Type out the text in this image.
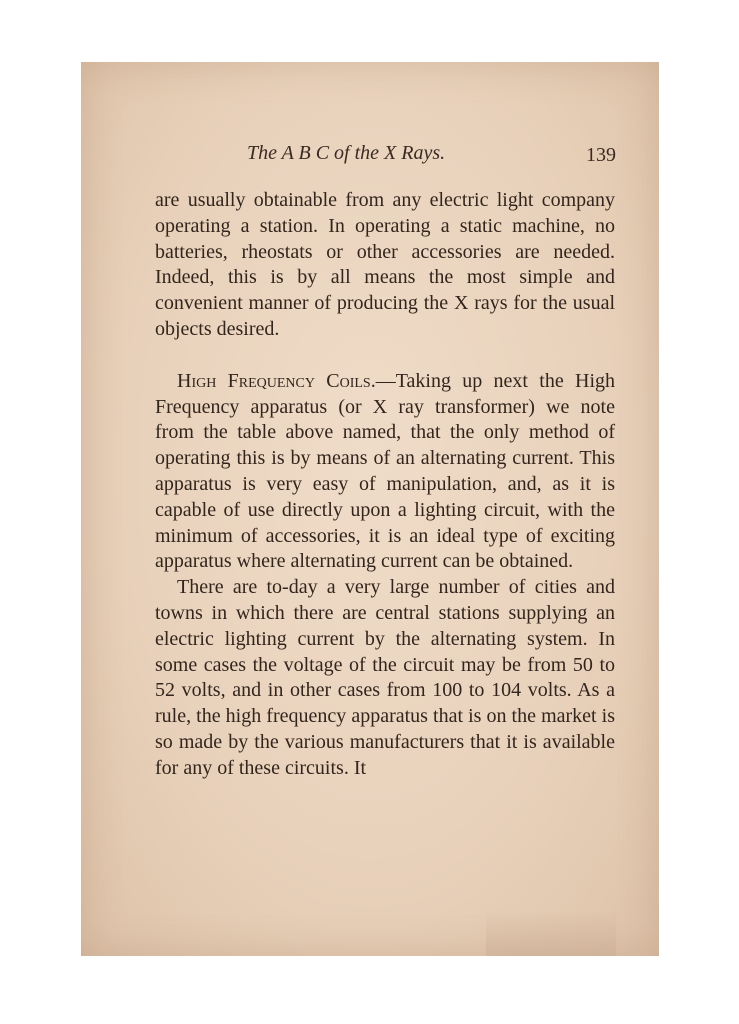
The A B C of the X Rays.	139

are usually obtainable from any electric light company operating a station. In operating a static machine, no batteries, rheostats or other accessories are needed. Indeed, this is by all means the most simple and convenient manner of producing the X rays for the usual objects desired.

High Frequency Coils.—Taking up next the High Frequency apparatus (or X ray transformer) we note from the table above named, that the only method of operating this is by means of an alternating current. This apparatus is very easy of manipulation, and, as it is capable of use directly upon a lighting circuit, with the minimum of accessories, it is an ideal type of exciting apparatus where alternating current can be obtained.

There are to-day a very large number of cities and towns in which there are central stations supplying an electric lighting current by the alternating system. In some cases the voltage of the circuit may be from 50 to 52 volts, and in other cases from 100 to 104 volts. As a rule, the high frequency apparatus that is on the market is so made by the various manufacturers that it is available for any of these circuits. It
